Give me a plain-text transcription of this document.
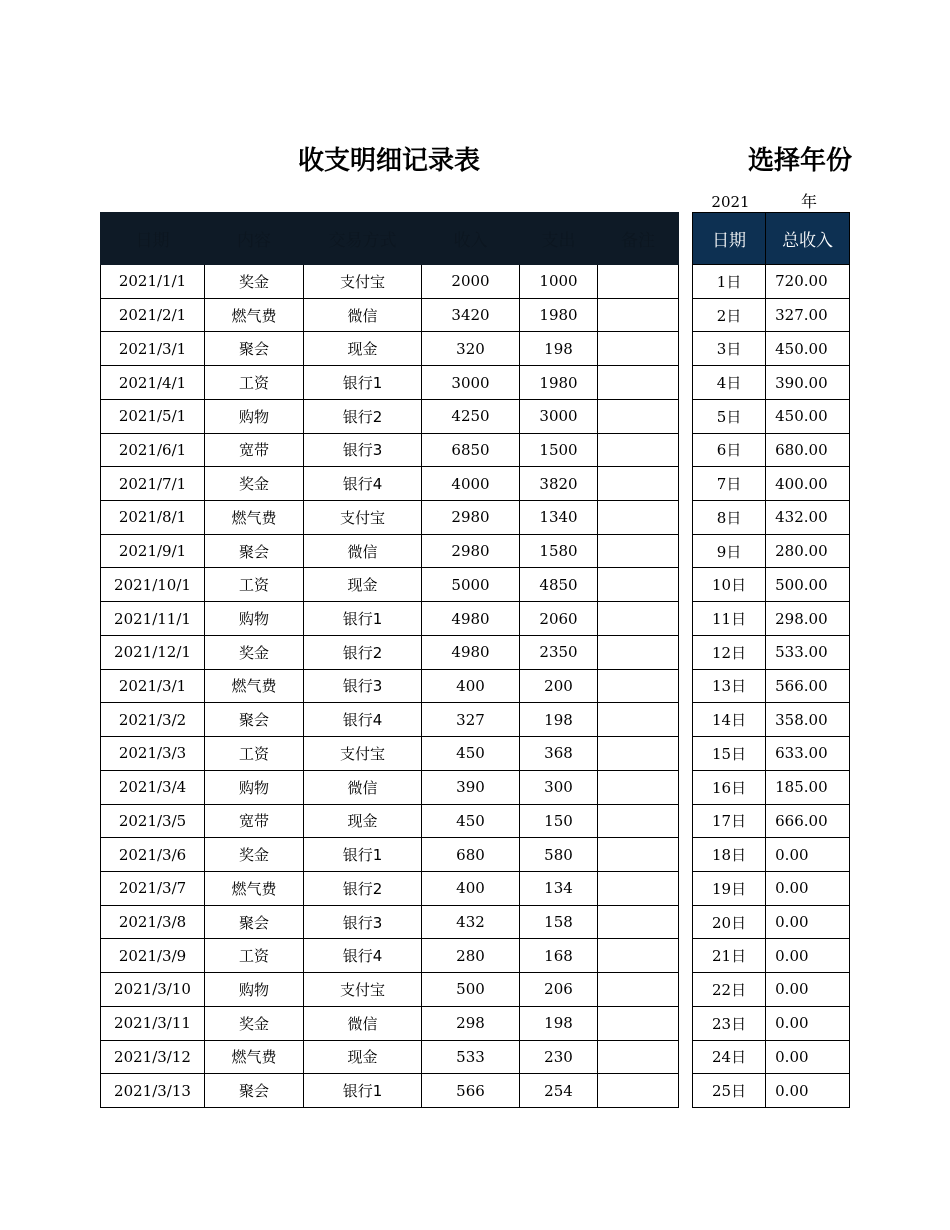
收支明细记录表	选择年份
2021	年
日期	内容	交易方式	收入	支出	备注
2021/1/1	奖金	支付宝	2000	1000	
2021/2/1	燃气费	微信	3420	1980	
2021/3/1	聚会	现金	320	198	
2021/4/1	工资	银行1	3000	1980	
2021/5/1	购物	银行2	4250	3000	
2021/6/1	宽带	银行3	6850	1500	
2021/7/1	奖金	银行4	4000	3820	
2021/8/1	燃气费	支付宝	2980	1340	
2021/9/1	聚会	微信	2980	1580	
2021/10/1	工资	现金	5000	4850	
2021/11/1	购物	银行1	4980	2060	
2021/12/1	奖金	银行2	4980	2350	
2021/3/1	燃气费	银行3	400	200	
2021/3/2	聚会	银行4	327	198	
2021/3/3	工资	支付宝	450	368	
2021/3/4	购物	微信	390	300	
2021/3/5	宽带	现金	450	150	
2021/3/6	奖金	银行1	680	580	
2021/3/7	燃气费	银行2	400	134	
2021/3/8	聚会	银行3	432	158	
2021/3/9	工资	银行4	280	168	
2021/3/10	购物	支付宝	500	206	
2021/3/11	奖金	微信	298	198	
2021/3/12	燃气费	现金	533	230	
2021/3/13	聚会	银行1	566	254	
日期	总收入
1日	720.00
2日	327.00
3日	450.00
4日	390.00
5日	450.00
6日	680.00
7日	400.00
8日	432.00
9日	280.00
10日	500.00
11日	298.00
12日	533.00
13日	566.00
14日	358.00
15日	633.00
16日	185.00
17日	666.00
18日	0.00
19日	0.00
20日	0.00
21日	0.00
22日	0.00
23日	0.00
24日	0.00
25日	0.00
